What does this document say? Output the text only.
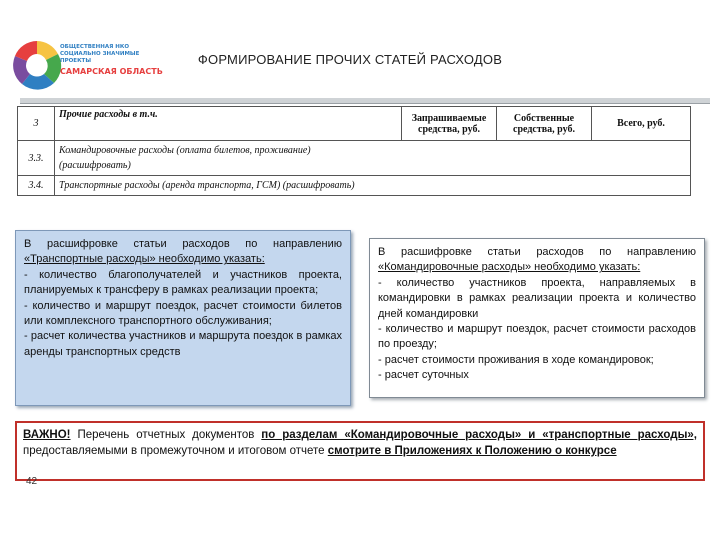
ОБЩЕСТВЕННАЯ НКО
СОЦИАЛЬНО ЗНАЧИМЫЕ
ПРОЕКТЫ
САМАРСКАЯ ОБЛАСТЬ
ФОРМИРОВАНИЕ ПРОЧИХ СТАТЕЙ РАСХОДОВ
3	Прочие расходы в т.ч.	Запрашиваемые средства, руб.	Собственные средства, руб.	Всего, руб.
3.3.	Командировочные расходы (оплата билетов, проживание) (расшифровать)			
3.4.	Транспортные расходы (аренда транспорта, ГСМ) (расшифровать)			

В расшифровке статьи расходов по направлению «Транспортные расходы» необходимо указать:

- количество благополучателей и участников проекта, планируемых к трансферу в рамках реализации проекта;

- количество и маршрут поездок, расчет стоимости билетов или комплексного транспортного обслуживания;

- расчет количества участников и маршрута поездок в рамках аренды транспортных средств

В расшифровке статьи расходов по направлению «Командировочные расходы» необходимо указать:

- количество участников проекта, направляемых в командировки в рамках реализации проекта и количество дней командировки

- количество и маршрут поездок, расчет стоимости расходов по проезду;

- расчет стоимости проживания в ходе командировок;

- расчет суточных

ВАЖНО! Перечень отчетных документов по разделам «Командировочные расходы» и «транспортные расходы», предоставляемыми в промежуточном и итоговом отчете смотрите в Приложениях к Положению о конкурсе
42
